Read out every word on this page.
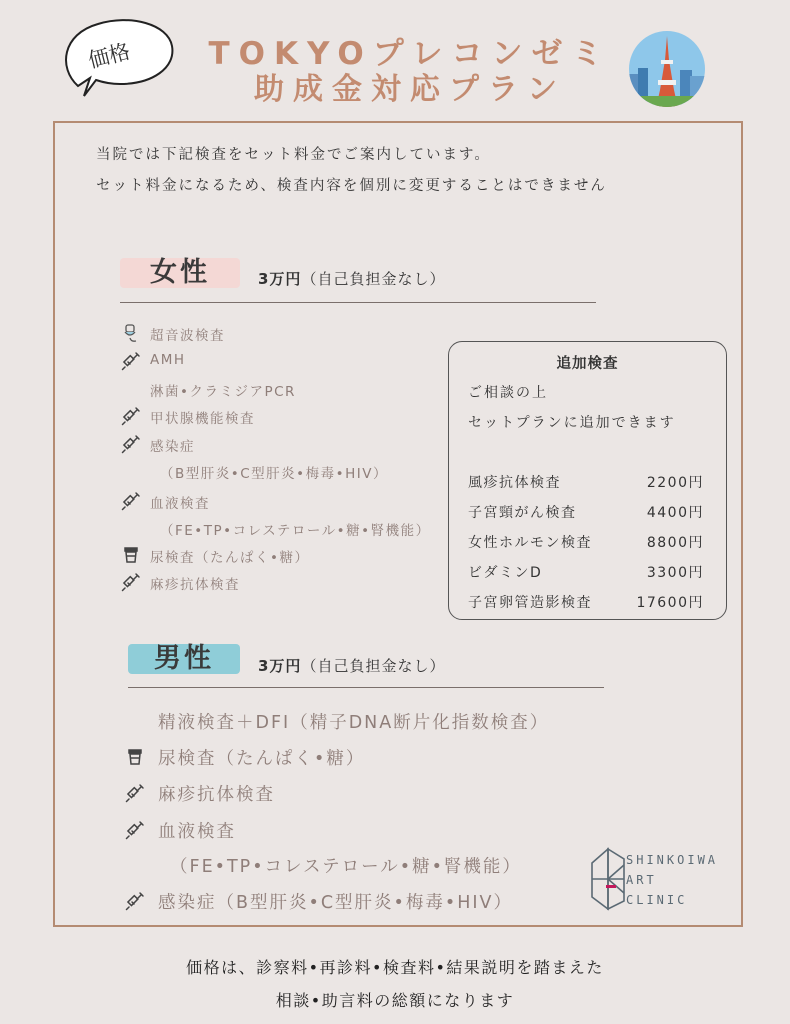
価格	TOKYOプレコンゼミ
助成金対応プラン
当院では下記検査をセット料金でご案内しています。
セット料金になるため、検査内容を個別に変更することはできません
女性	3万円（自己負担金なし）
超音波検査
AMH
淋菌•クラミジアPCR
甲状腺機能検査
感染症
（B型肝炎•C型肝炎•梅毒•HIV）
血液検査
（FE•TP•コレステロール•糖•腎機能）
尿検査（たんぱく•糖）
麻疹抗体検査
追加検査
ご相談の上
セットプランに追加できます
風疹抗体検査	2200円
子宮頸がん検査	4400円
女性ホルモン検査	8800円
ビダミンD	3300円
子宮卵管造影検査	17600円
男性	3万円（自己負担金なし）
精液検査＋DFI（精子DNA断片化指数検査）
尿検査（たんぱく•糖）
麻疹抗体検査
血液検査
（FE•TP•コレステロール•糖•腎機能）
感染症（B型肝炎•C型肝炎•梅毒•HIV）
SHINKOIWA
ART
CLINIC
価格は、診察料•再診料•検査料•結果説明を踏まえた
相談•助言料の総額になります
